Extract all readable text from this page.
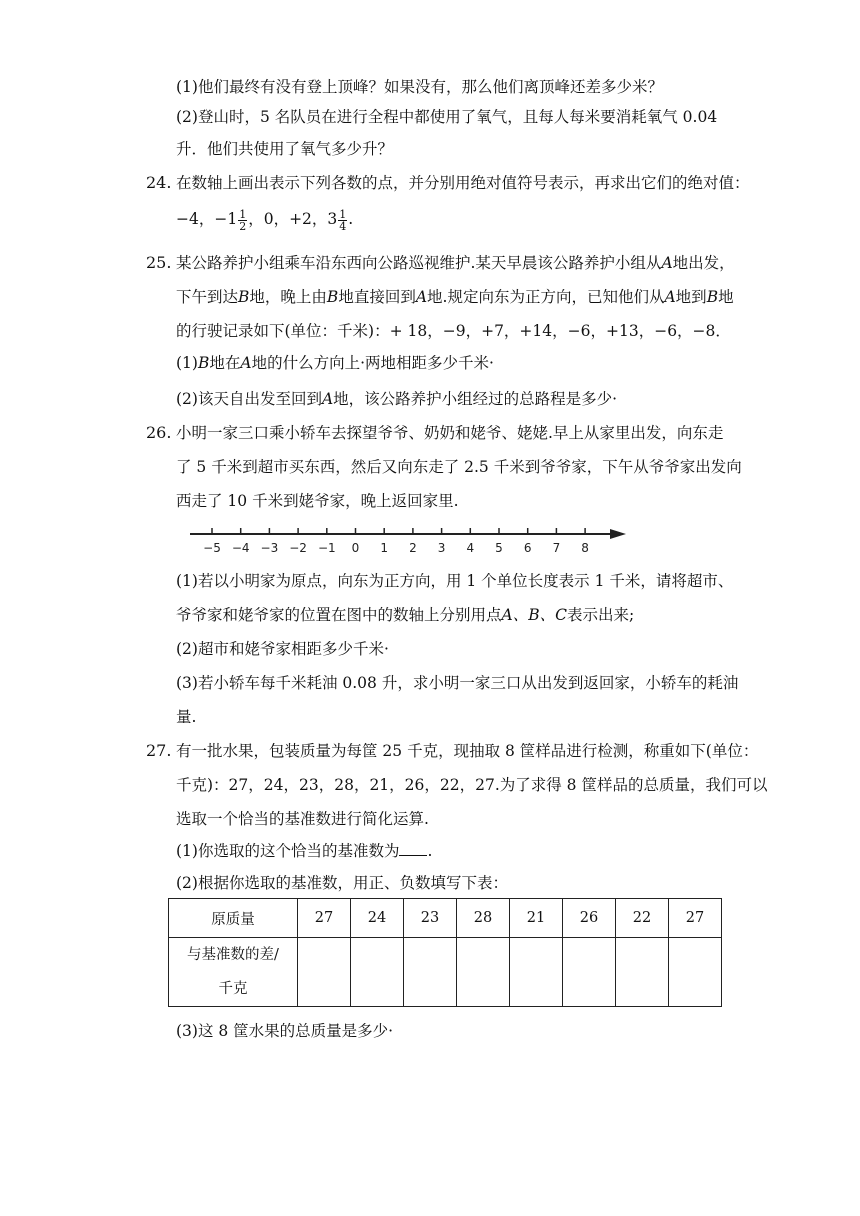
(1)他们最终有没有登上顶峰？如果没有，那么他们离顶峰还差多少米？
(2)登山时，5 名队员在进行全程中都使用了氧气，且每人每米要消耗氧气 0.04
升．他们共使用了氧气多少升？
24. 在数轴上画出表示下列各数的点，并分别用绝对值符号表示，再求出它们的绝对值：
−4，$-1 \frac{1}{2}$ ，0，+2，$3 \frac{1}{4}$ .
25. 某公路养护小组乘车沿东西向公路巡视维护.某天早晨该公路养护小组从A地出发，
下午到达B地，晚上由B地直接回到A地.规定向东为正方向，已知他们从A地到B地
的行驶记录如下(单位：千米)：+ 18，−9，+7，+14，−6，+13，−6，−8．
(1)B地在A地的什么方向上·两地相距多少千米·
(2)该天自出发至回到A地，该公路养护小组经过的总路程是多少·
26. 小明一家三口乘小轿车去探望爷爷、奶奶和姥爷、姥姥.早上从家里出发，向东走
了 5 千米到超市买东西，然后又向东走了 2.5 千米到爷爷家，下午从爷爷家出发向
西走了 10 千米到姥爷家，晚上返回家里.
−5 −4 −3 −2 −1 0 1 2 3 4 5 6 7 8
(1)若以小明家为原点，向东为正方向，用 1 个单位长度表示 1 千米，请将超市、
爷爷家和姥爷家的位置在图中的数轴上分别用点A、B、C表示出来;
(2)超市和姥爷家相距多少千米·
(3)若小轿车每千米耗油 0.08 升，求小明一家三口从出发到返回家，小轿车的耗油
量.
27. 有一批水果，包装质量为每筐 25 千克，现抽取 8 筐样品进行检测，称重如下(单位：
千克)：27，24，23，28，21，26，22，27.为了求得 8 筐样品的总质量，我们可以
选取一个恰当的基准数进行简化运算.
(1)你选取的这个恰当的基准数为 .
(2)根据你选取的基准数，用正、负数填写下表：
原质量	27	24	23	28	21	26	22	27

与基准数的差/
千克								

(3)这 8 筐水果的总质量是多少·
